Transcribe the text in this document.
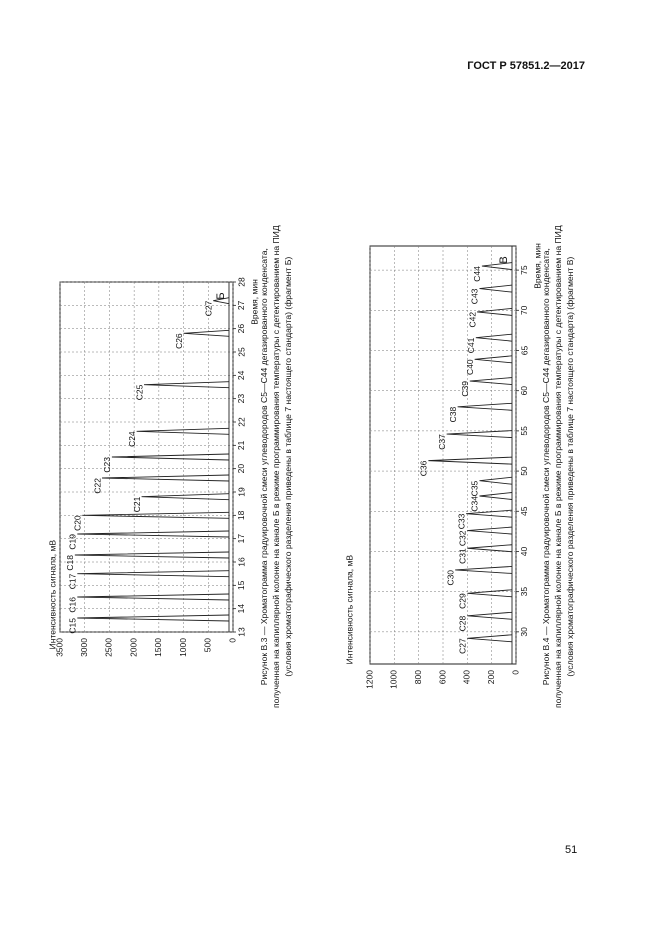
ГОСТ Р 57851.2—2017
0
500
1000
1500
2000
2500
3000
3500
13
14
15
16
17
18
19
20
21
22
23
24
25
26
27
28
C15
C16
C17
C18
C19
C20
C21
C22
C23
C24
C25
C26
C27
Б	Время, мин
Интенсивность сигнала, мВ
0
200
400
600
800
1000
1200
30
35
40
45
50
55
60
65
70
75
C27
C28
C29
C30
C31
C32
C33
C34
C35
C36
C37
C38
C39
C40
C41
C42
C43
C44
В	Время, мин
Интенсивность сигнала, мВ
Рисунок В.3 — Хроматограмма градуировочной смеси углеводородов С5—С44 дегазированного конденсата, полученная на капиллярной колонке на канале Б в режиме программирования температуры с детектированием на ПИД (условия хроматографического разделения приведены в таблице 7 настоящего стандарта) (фрагмент Б)	Рисунок В.4 — Хроматограмма градуировочной смеси углеводородов С5—С44 дегазированного конденсата, полученная на капиллярной колонке на канале Б в режиме программирования температуры с детектированием на ПИД (условия хроматографического разделения приведены в таблице 7 настоящего стандарта) (фрагмент В)
51
